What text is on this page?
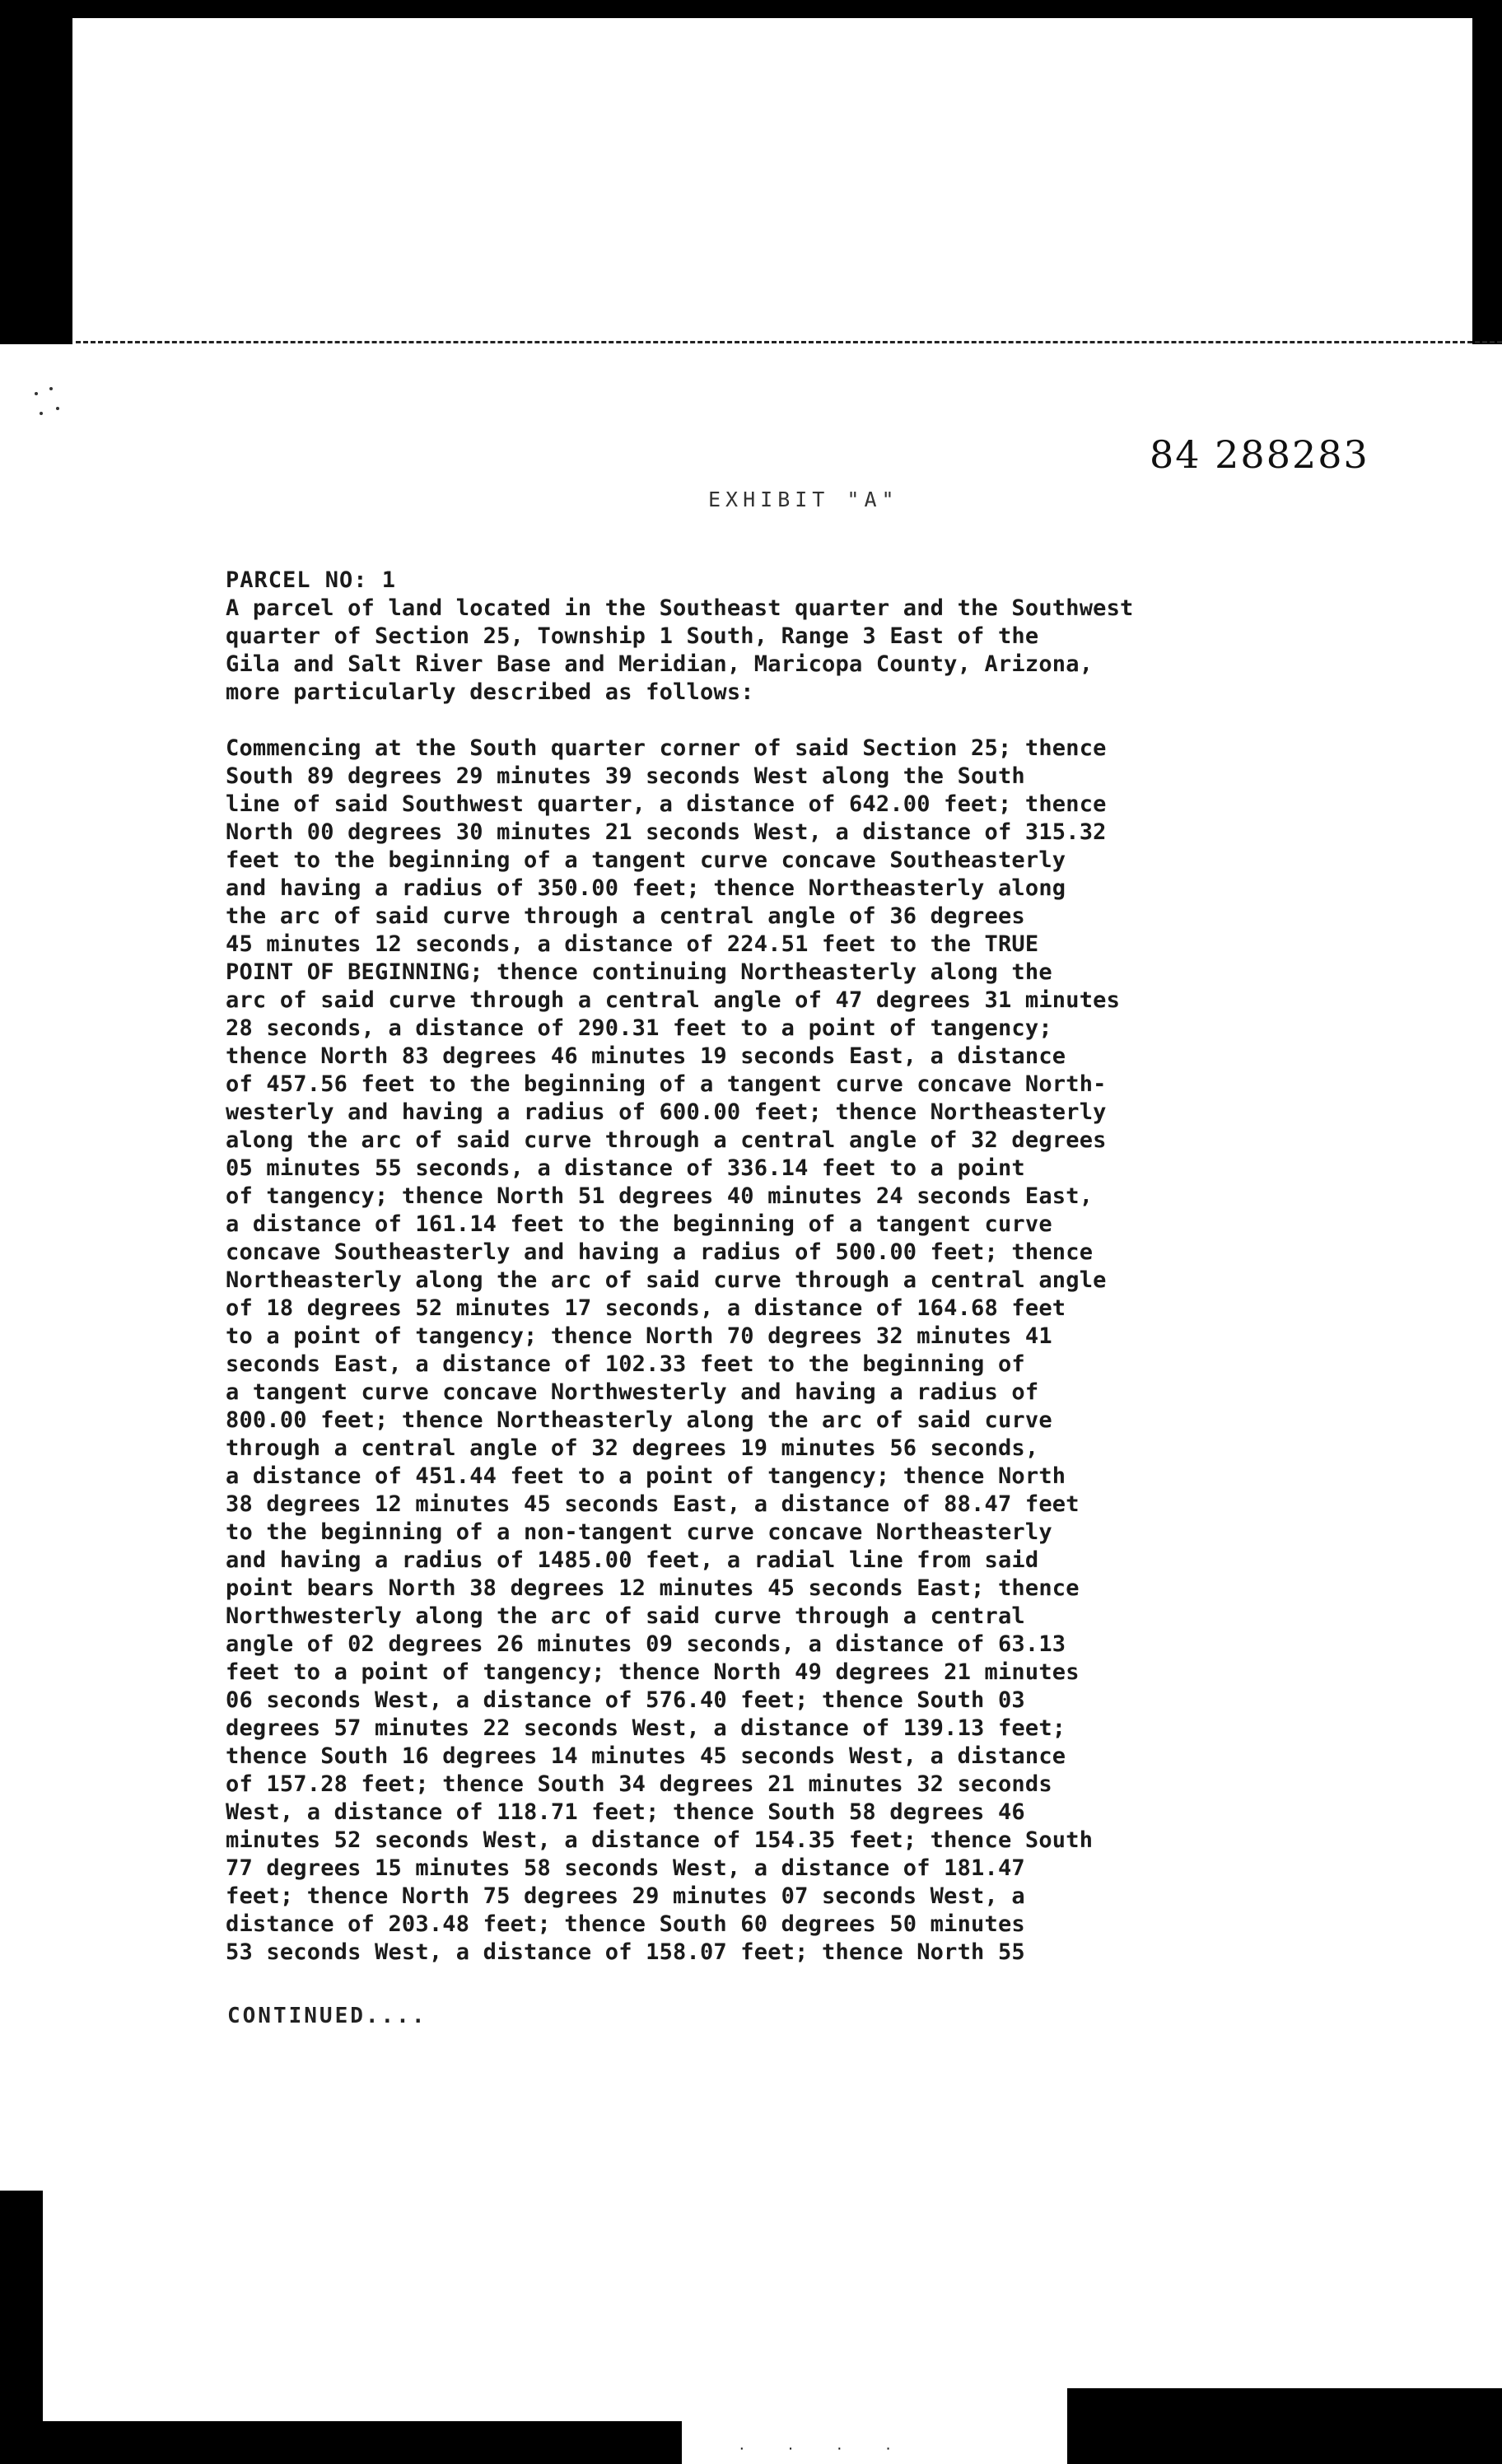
84 288283
EXHIBIT "A"
PARCEL NO: 1
A parcel of land located in the Southeast quarter and the Southwest
quarter of Section 25, Township 1 South, Range 3 East of the
Gila and Salt River Base and Meridian, Maricopa County, Arizona,
more particularly described as follows:
Commencing at the South quarter corner of said Section 25; thence
South 89 degrees 29 minutes 39 seconds West along the South
line of said Southwest quarter, a distance of 642.00 feet; thence
North 00 degrees 30 minutes 21 seconds West, a distance of 315.32
feet to the beginning of a tangent curve concave Southeasterly
and having a radius of 350.00 feet; thence Northeasterly along
the arc of said curve through a central angle of 36 degrees
45 minutes 12 seconds, a distance of 224.51 feet to the TRUE
POINT OF BEGINNING; thence continuing Northeasterly along the
arc of said curve through a central angle of 47 degrees 31 minutes
28 seconds, a distance of 290.31 feet to a point of tangency;
thence North 83 degrees 46 minutes 19 seconds East, a distance
of 457.56 feet to the beginning of a tangent curve concave North-
westerly and having a radius of 600.00 feet; thence Northeasterly
along the arc of said curve through a central angle of 32 degrees
05 minutes 55 seconds, a distance of 336.14 feet to a point
of tangency; thence North 51 degrees 40 minutes 24 seconds East,
a distance of 161.14 feet to the beginning of a tangent curve
concave Southeasterly and having a radius of 500.00 feet; thence
Northeasterly along the arc of said curve through a central angle
of 18 degrees 52 minutes 17 seconds, a distance of 164.68 feet
to a point of tangency; thence North 70 degrees 32 minutes 41
seconds East, a distance of 102.33 feet to the beginning of
a tangent curve concave Northwesterly and having a radius of
800.00 feet; thence Northeasterly along the arc of said curve
through a central angle of 32 degrees 19 minutes 56 seconds,
a distance of 451.44 feet to a point of tangency; thence North
38 degrees 12 minutes 45 seconds East, a distance of 88.47 feet
to the beginning of a non-tangent curve concave Northeasterly
and having a radius of 1485.00 feet, a radial line from said
point bears North 38 degrees 12 minutes 45 seconds East; thence
Northwesterly along the arc of said curve through a central
angle of 02 degrees 26 minutes 09 seconds, a distance of 63.13
feet to a point of tangency; thence North 49 degrees 21 minutes
06 seconds West, a distance of 576.40 feet; thence South 03
degrees 57 minutes 22 seconds West, a distance of 139.13 feet;
thence South 16 degrees 14 minutes 45 seconds West, a distance
of 157.28 feet; thence South 34 degrees 21 minutes 32 seconds
West, a distance of 118.71 feet; thence South 58 degrees 46
minutes 52 seconds West, a distance of 154.35 feet; thence South
77 degrees 15 minutes 58 seconds West, a distance of 181.47
feet; thence North 75 degrees 29 minutes 07 seconds West, a
distance of 203.48 feet; thence South 60 degrees 50 minutes
53 seconds West, a distance of 158.07 feet; thence North 55
CONTINUED....
· · · ·
